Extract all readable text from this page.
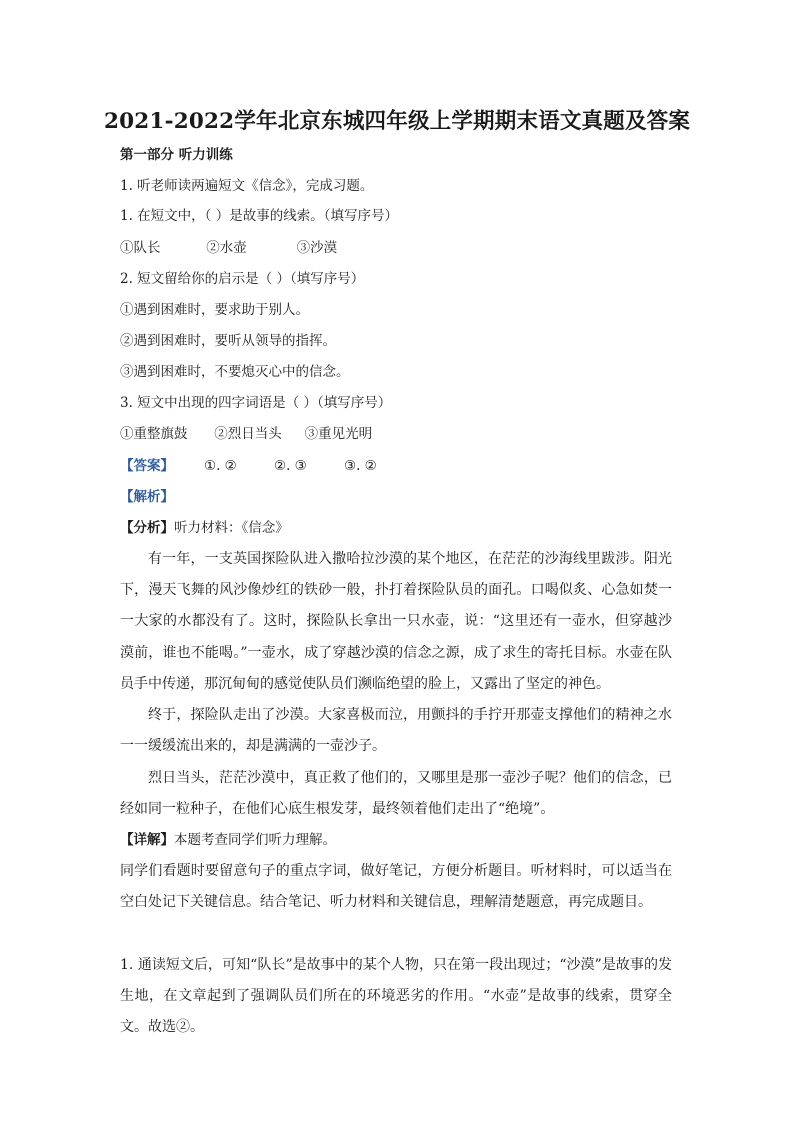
2021-2022学年北京东城四年级上学期期末语文真题及答案
第一部分 听力训练
1. 听老师读两遍短文《信念》，完成习题。
1. 在短文中，（ ）是故事的线索。（填写序号）
①队长	②水壶	③沙漠
2. 短文留给你的启示是（ ）（填写序号）
①遇到困难时，要求助于别人。
②遇到困难时，要听从领导的指挥。
③遇到困难时，不要熄灭心中的信念。
3. 短文中出现的四字词语是（ ）（填写序号）
①重整旗鼓 ②烈日当头 ③重见光明
【答案】 ①. ②	②. ③	③. ②
【解析】
【分析】听力材料：《信念》

有一年，一支英国探险队进入撒哈拉沙漠的某个地区，在茫茫的沙海线里跋涉。阳光下，漫天飞舞的风沙像炒红的铁砂一般，扑打着探险队员的面孔。口喝似炙、心急如焚一一大家的水都没有了。这时，探险队长拿出一只水壶，说：“这里还有一壶水，但穿越沙漠前，谁也不能喝。”一壶水，成了穿越沙漠的信念之源，成了求生的寄托目标。水壶在队员手中传递，那沉甸甸的感觉使队员们濒临绝望的脸上，又露出了坚定的神色。

终于，探险队走出了沙漠。大家喜极而泣，用颤抖的手拧开那壶支撑他们的精神之水一一缓缓流出来的，却是满满的一壶沙子。

烈日当头，茫茫沙漠中，真正救了他们的，又哪里是那一壶沙子呢？他们的信念，已经如同一粒种子，在他们心底生根发芽，最终领着他们走出了“绝境”。

【详解】本题考查同学们听力理解。

同学们看题时要留意句子的重点字词，做好笔记，方便分析题目。听材料时，可以适当在空白处记下关键信息。结合笔记、听力材料和关键信息，理解清楚题意，再完成题目。

1. 通读短文后，可知“队长”是故事中的某个人物，只在第一段出现过；“沙漠”是故事的发生地，在文章起到了强调队员们所在的环境恶劣的作用。“水壶”是故事的线索，贯穿全文。故选②。
